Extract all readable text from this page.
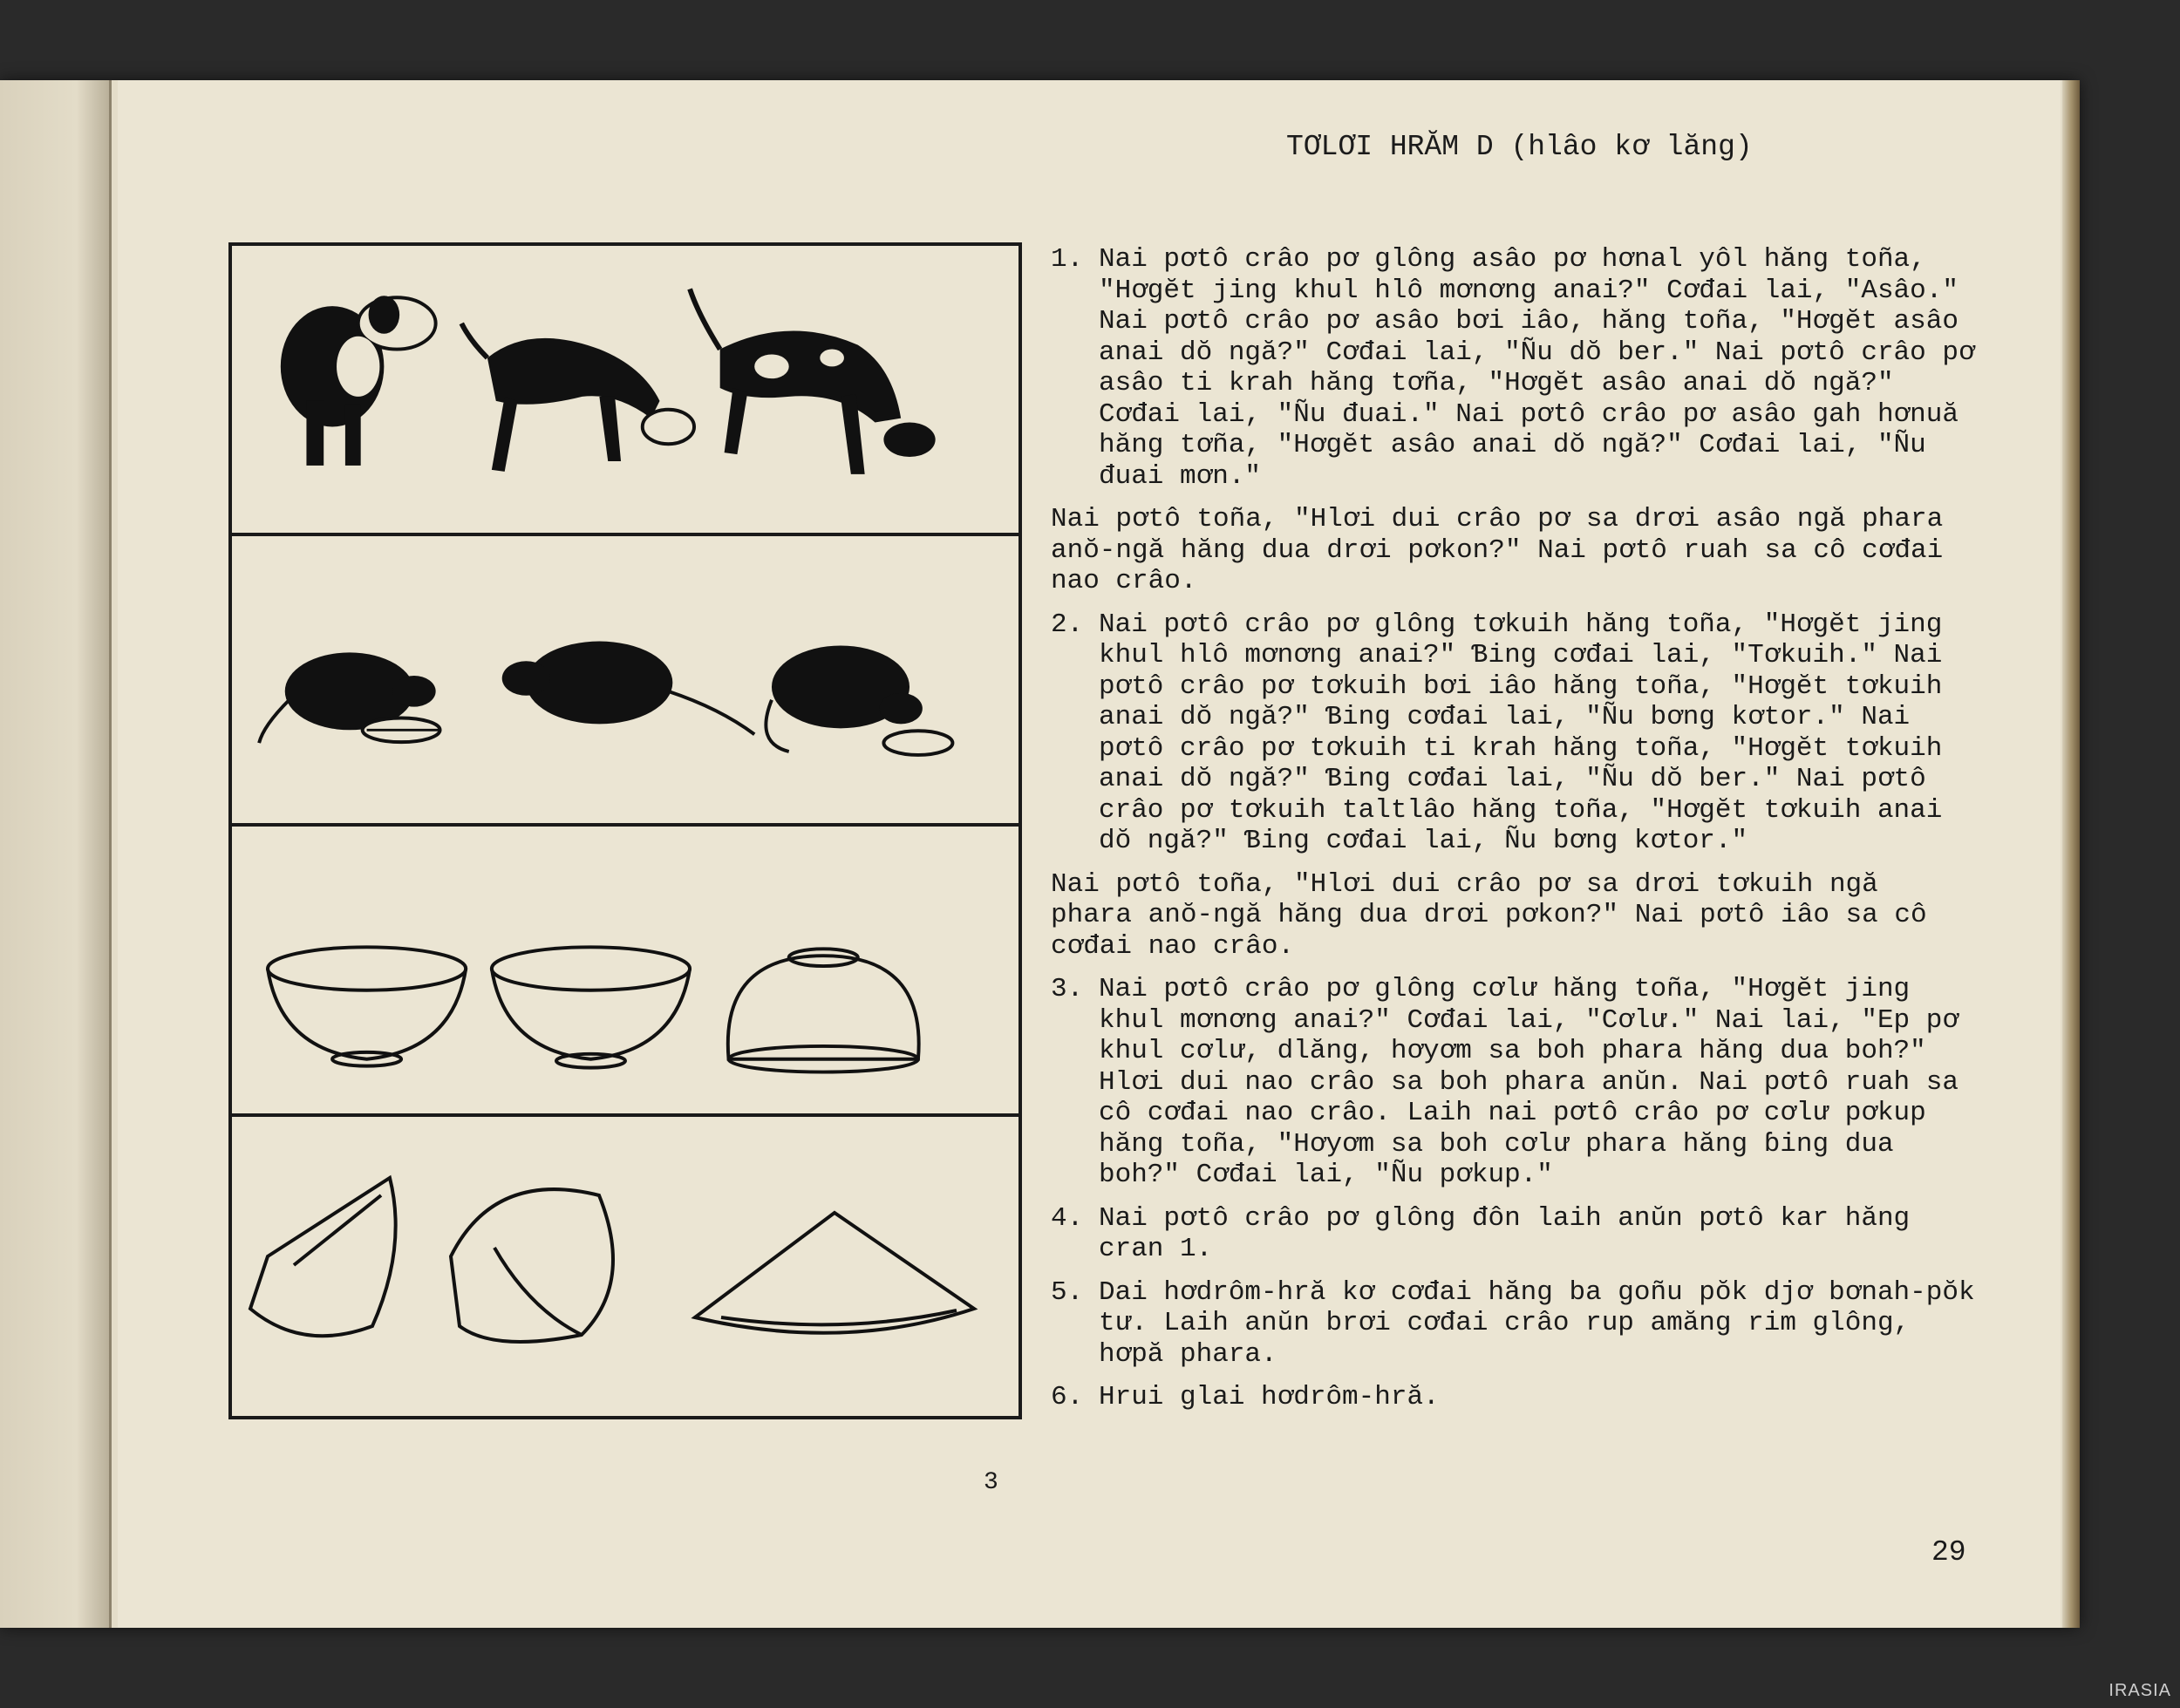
TƠLƠI HRĂM D (hlâo kơ lăng)
1. Nai pơtô crâo pơ glông asâo pơ hơnal yôl hăng toña, "Hơgĕt jing khul hlô mơnơng anai?" Cơđai lai, "Asâo." Nai pơtô crâo pơ asâo bơi iâo, hăng toña, "Hơgĕt asâo anai dŏ ngă?" Cơđai lai, "Ñu dŏ ber." Nai pơtô crâo pơ asâo ti krah hăng tơña, "Hơgĕt asâo anai dŏ ngă?" Cơđai lai, "Ñu đuai." Nai pơtô crâo pơ asâo gah hơnuă hăng tơña, "Hơgĕt asâo anai dŏ ngă?" Cơđai lai, "Ñu đuai mơn."
Nai pơtô toña, "Hlơi dui crâo pơ sa drơi asâo ngă phara anŏ-ngă hăng dua drơi pơkon?" Nai pơtô ruah sa cô cơđai nao crâo.
2. Nai pơtô crâo pơ glông tơkuih hăng toña, "Hơgĕt jing khul hlô mơnơng anai?" Ɓing cơđai lai, "Tơkuih." Nai pơtô crâo pơ tơkuih bơi iâo hăng toña, "Hơgĕt tơkuih anai dŏ ngă?" Ɓing cơđai lai, "Ñu bơng kơtor." Nai pơtô crâo pơ tơkuih ti krah hăng toña, "Hơgĕt tơkuih anai dŏ ngă?" Ɓing cơđai lai, "Ñu dŏ ber." Nai pơtô crâo pơ tơkuih taltlâo hăng toña, "Hơgĕt tơkuih anai dŏ ngă?" Ɓing cơđai lai, Ñu bơng kơtor."
Nai pơtô toña, "Hlơi dui crâo pơ sa drơi tơkuih ngă phara anŏ-ngă hăng dua drơi pơkon?" Nai pơtô iâo sa cô cơđai nao crâo.
3. Nai pơtô crâo pơ glông cơlư hăng toña, "Hơgĕt jing khul mơnơng anai?" Cơđai lai, "Cơlư." Nai lai, "Ep pơ khul cơlư, dlăng, hơyơm sa boh phara hăng dua boh?" Hlơi dui nao crâo sa boh phara anŭn. Nai pơtô ruah sa cô cơđai nao crâo. Laih nai pơtô crâo pơ cơlư pơkup hăng toña, "Hơyơm sa boh cơlư phara hăng ɓing dua boh?" Cơđai lai, "Ñu pơkup."
4. Nai pơtô crâo pơ glông đôn laih anŭn pơtô kar hăng cran 1.
5. Dai hơdrôm-hră kơ cơđai hăng ba goñu pŏk djơ bơnah-pŏk tư. Laih anŭn brơi cơđai crâo rup amăng rim glông, hơpă phara.
6. Hrui glai hơdrôm-hră.
3
29
IRASIA
